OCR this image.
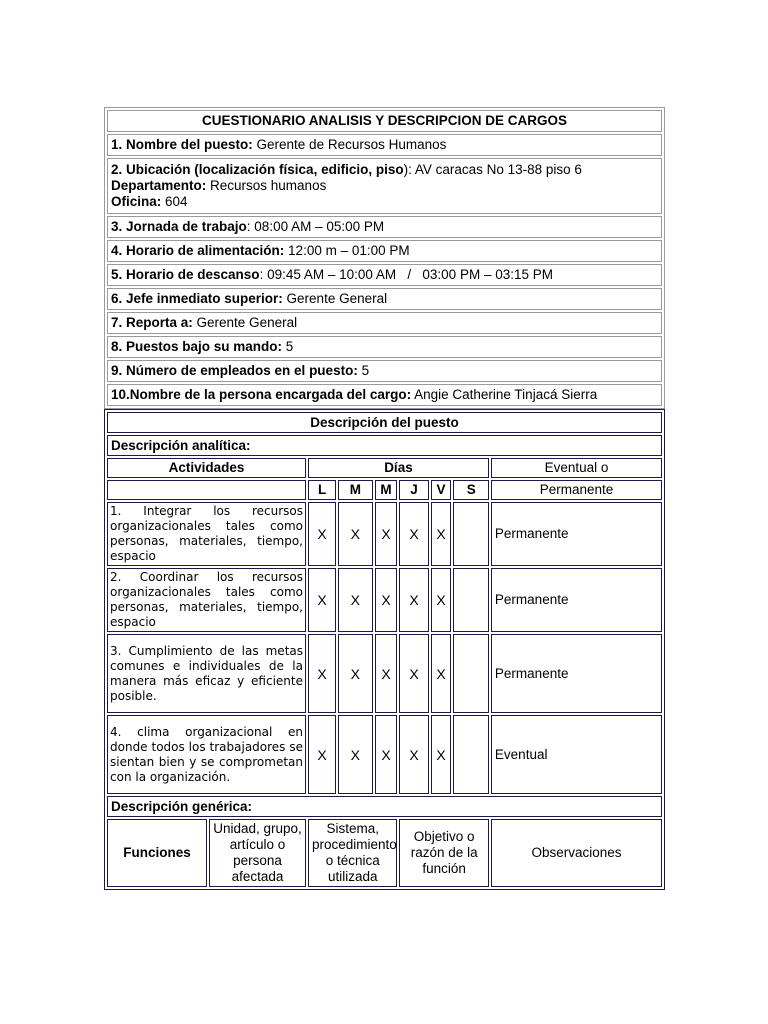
CUESTIONARIO ANALISIS Y DESCRIPCION DE CARGOS
1. Nombre del puesto: Gerente de Recursos Humanos
2. Ubicación (localización física, edificio, piso): AV caracas No 13-88 piso 6
Departamento: Recursos humanos
Oficina: 604
3. Jornada de trabajo: 08:00 AM – 05:00 PM
4. Horario de alimentación: 12:00 m – 01:00 PM
5. Horario de descanso: 09:45 AM – 10:00 AM   /   03:00 PM – 03:15 PM
6. Jefe inmediato superior: Gerente General
7. Reporta a: Gerente General
8. Puestos bajo su mando: 5
9. Número de empleados en el puesto: 5
10.Nombre de la persona encargada del cargo: Angie Catherine Tinjacá Sierra
Descripción del puesto								
Descripción analítica:								
Actividades		Días						Eventual o
		L	M	M	J	V	S	Permanente
1. Integrar los recursos organizacionales tales como personas, materiales, tiempo, espacio		X	X	X	X	X		Permanente
2. Coordinar los recursos organizacionales tales como personas, materiales, tiempo, espacio		X	X	X	X	X		Permanente
3. Cumplimiento de las metas comunes e individuales de la manera más eficaz y eficiente posible.		X	X	X	X	X		Permanente
4. clima organizacional en donde todos los trabajadores se sientan bien y se comprometan con la organización.		X	X	X	X	X		Eventual
Descripción genérica:								
Funciones	Unidad, grupo, artículo o persona afectada	Sistema, procedimiento o técnica utilizada			Objetivo o razón de la función			Observaciones
